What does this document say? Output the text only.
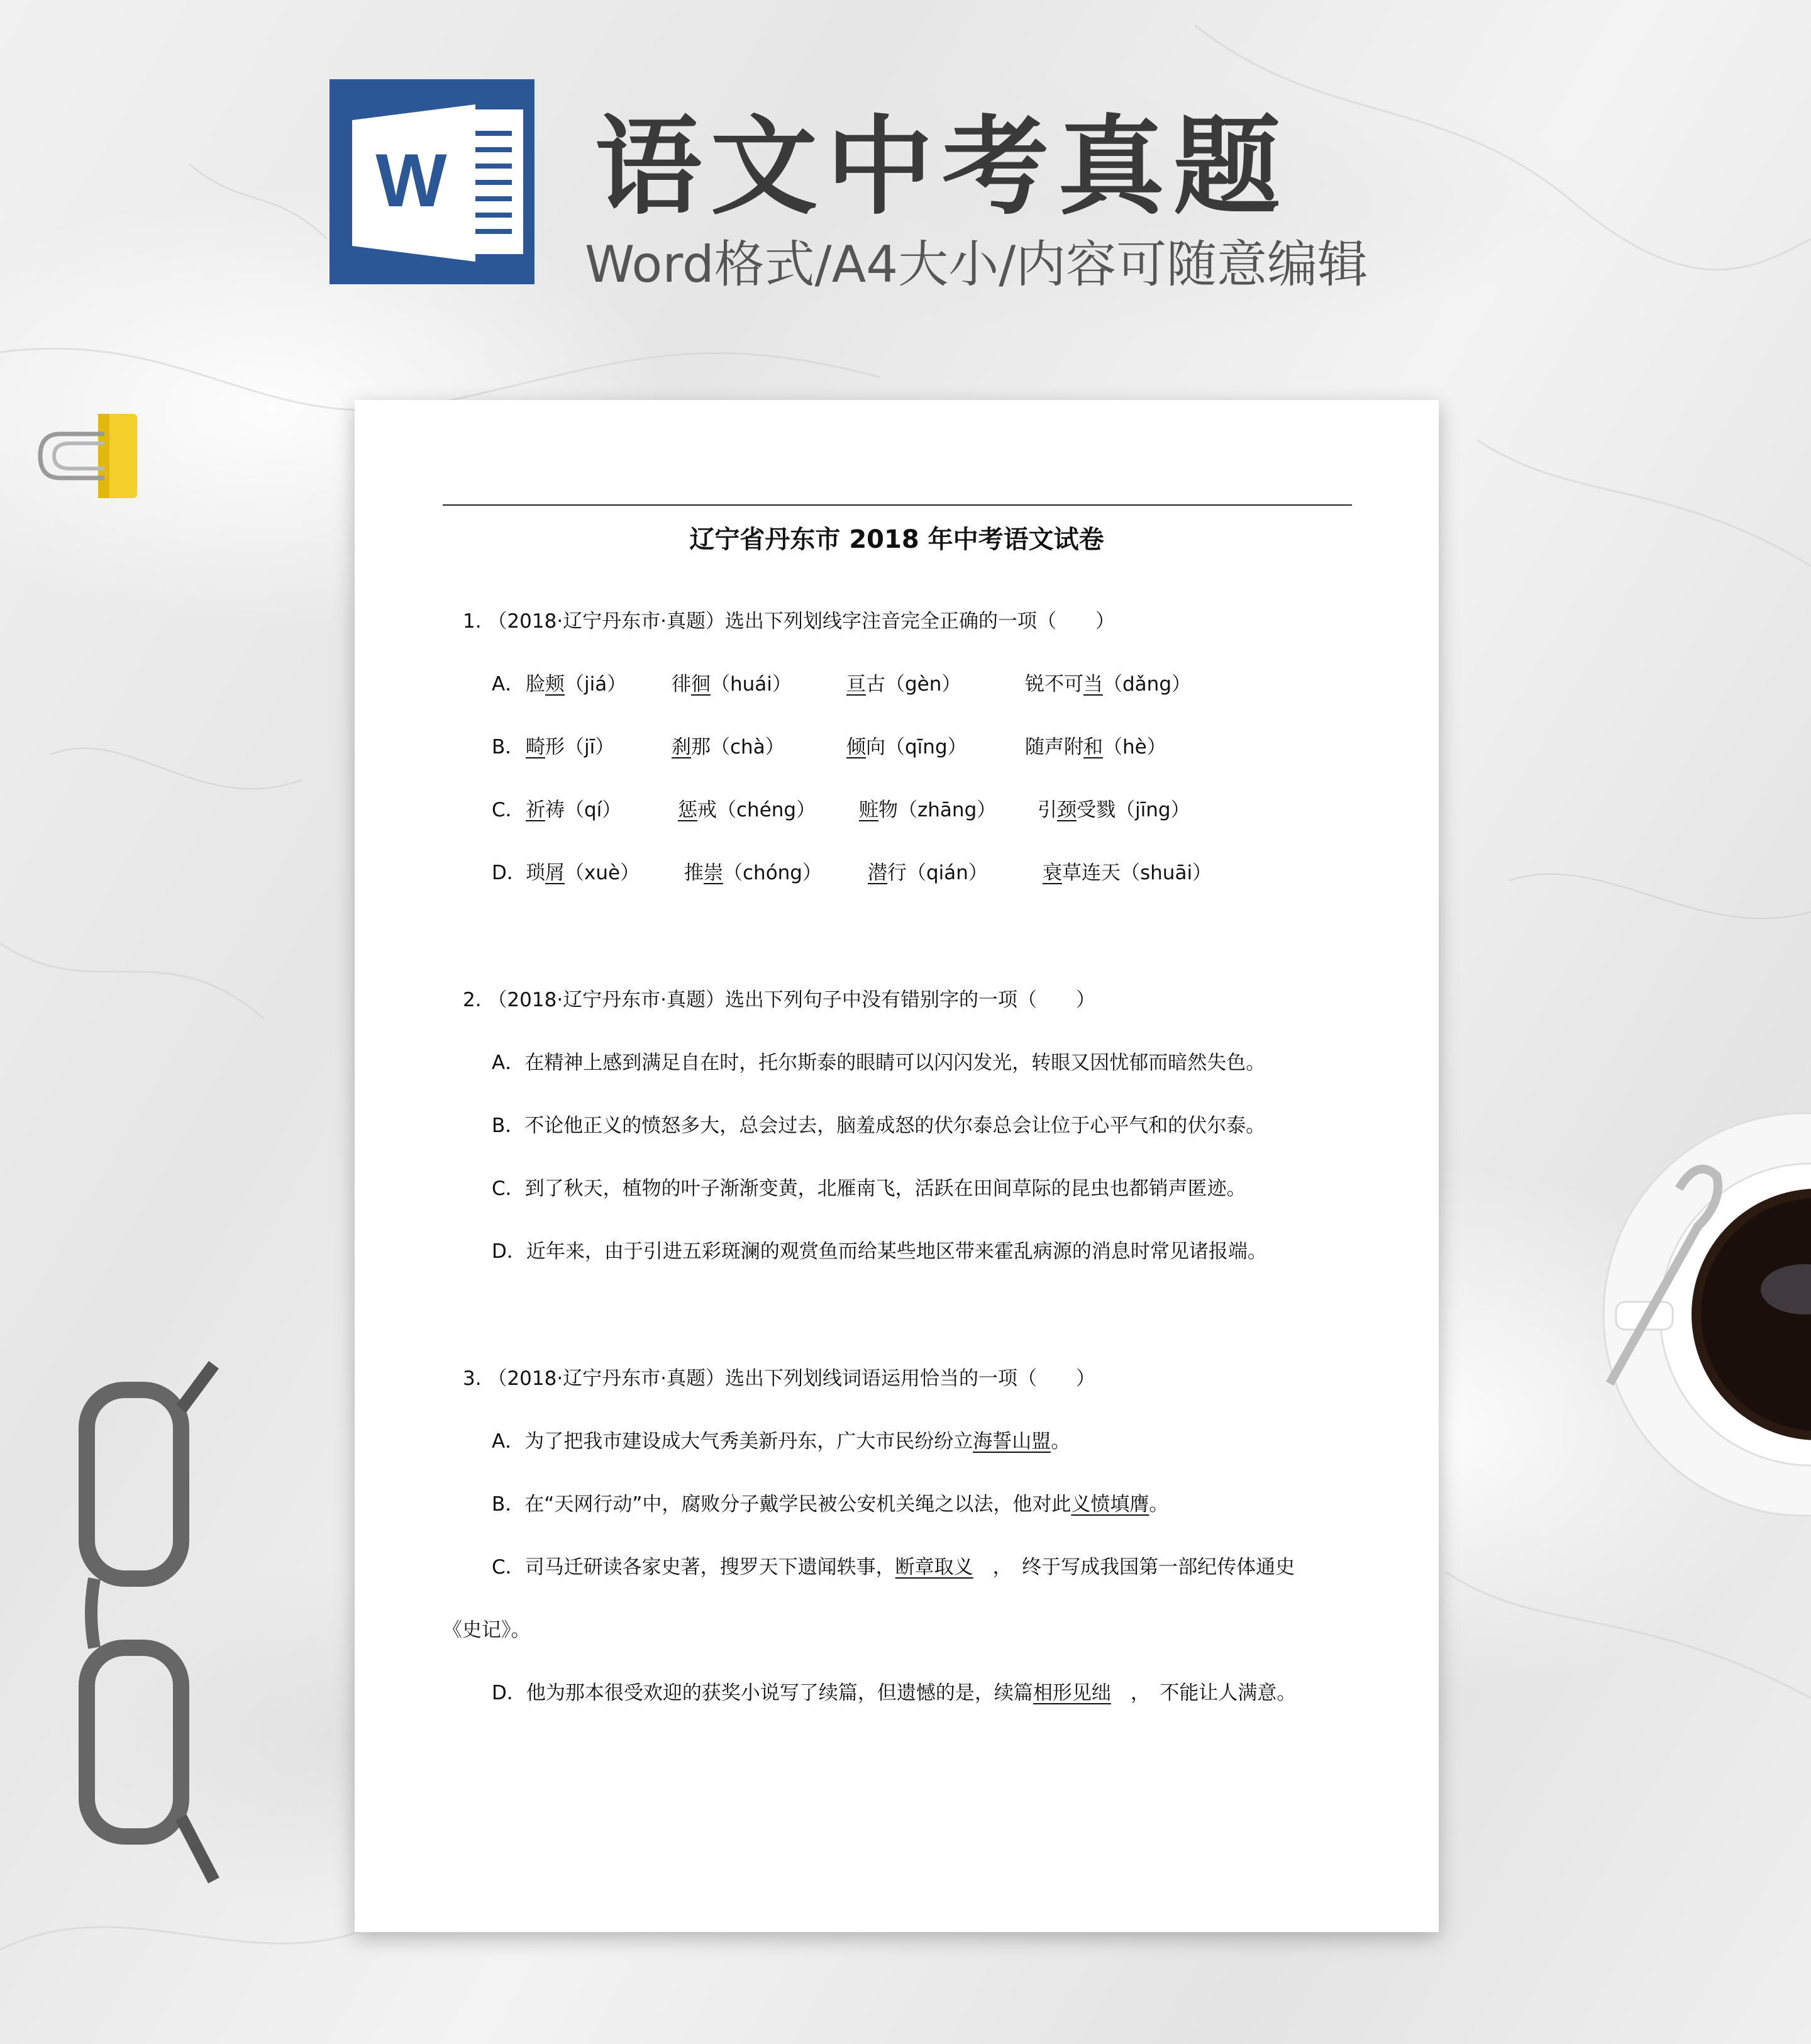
W 语文中考真题
Word格式/A4大小/内容可随意编辑
辽宁省丹东市 2018 年中考语文试卷
1. （2018·辽宁丹东市·真题）选出下列划线字注音完全正确的一项（　　）
A． 脸颊（jiá） 徘徊（huái）	亘古（gèn）	锐不可当（dǎng）
B． 畸形（jī）	刹那（chà）	倾向（qīng）	随声附和（hè）
C． 祈祷（qí）	惩戒（chéng） 赃物（zhāng） 引颈受戮（jīng）
D． 琐屑（xuè） 推崇（chóng） 潜行（qián）	衰草连天（shuāi）
2. （2018·辽宁丹东市·真题）选出下列句子中没有错别字的一项（　　）
A．在精神上感到满足自在时，托尔斯泰的眼睛可以闪闪发光，转眼又因忧郁而暗然失色。
B．不论他正义的愤怒多大，总会过去，脑羞成怒的伏尔泰总会让位于心平气和的伏尔泰。
C．到了秋天，植物的叶子渐渐变黄，北雁南飞，活跃在田间草际的昆虫也都销声匿迹。
D．近年来，由于引进五彩斑澜的观赏鱼而给某些地区带来霍乱病源的消息时常见诸报端。
3. （2018·辽宁丹东市·真题）选出下列划线词语运用恰当的一项（　　）
A．为了把我市建设成大气秀美新丹东，广大市民纷纷立海誓山盟。
B．在“天网行动”中，腐败分子戴学民被公安机关绳之以法，他对此义愤填膺。
C．司马迁研读各家史著，搜罗天下遗闻轶事，断章取义　，　终于写成我国第一部纪传体通史
《史记》。
D．他为那本很受欢迎的获奖小说写了续篇，但遗憾的是，续篇相形见绌　，　不能让人满意。
